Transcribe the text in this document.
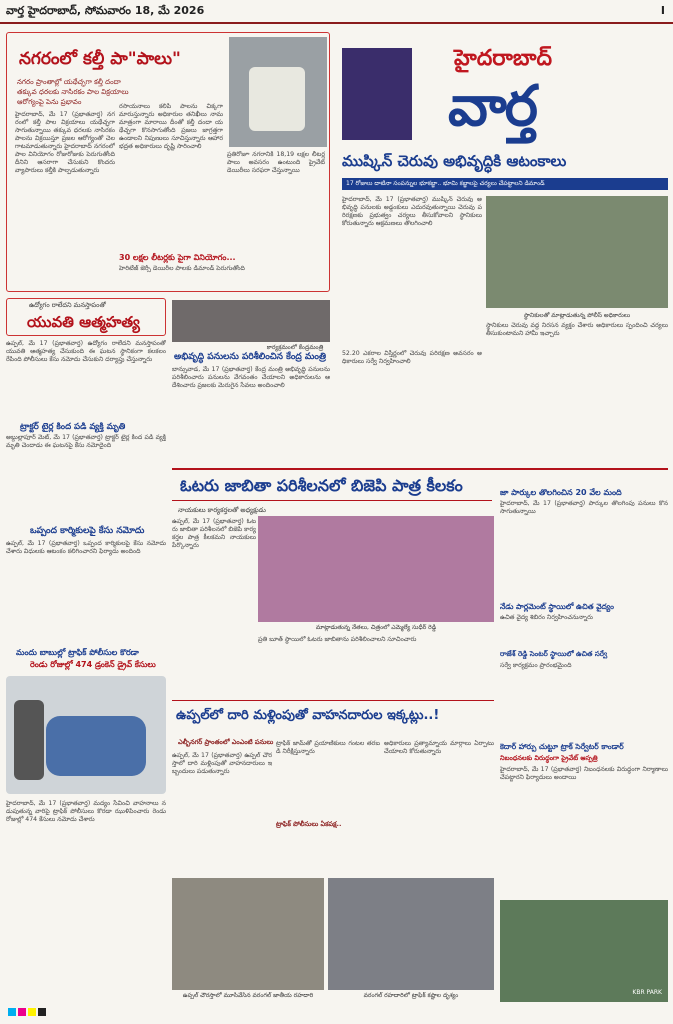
వార్త హైదరాబాద్, సోమవారం 18, మే 2026	I
నగరంలో కల్తీ పా"పాలు"
నగరం ప్రాంతాల్లో యథేచ్ఛగా కల్తీ దందా
తక్కువ ధరలకు నాసిరకం పాల విక్రయాలు
ఆరోగ్యంపై పెను ప్రభావం
హైదరాబాద్, మే 17 (ప్రభాతవార్త) నగరంలో కల్తీ పాల విక్రయాలు యథేచ్ఛగా సాగుతున్నాయి తక్కువ ధరలకు నాసిరకం పాలను విక్రయిస్తూ ప్రజల ఆరోగ్యంతో చెలగాటమాడుతున్నారు హైదరాబాద్ నగరంలో పాల వినియోగం రోజురోజుకు పెరుగుతోంది దీనిని ఆసరాగా చేసుకుని కొందరు వ్యాపారులు కల్తీకి పాల్పడుతున్నారు
రసాయనాలు కలిపి పాలను చిక్కగా మారుస్తున్నారు అధికారుల తనిఖీలు నామమాత్రంగా మారాయి దీంతో కల్తీ దందా యథేచ్ఛగా కొనసాగుతోంది ప్రజలు జాగ్రత్తగా ఉండాలని నిపుణులు సూచిస్తున్నారు ఆహార భద్రత అధికారులు దృష్టి సారించాలి
ప్రతిరోజూ నగరానికి 18,19 లక్షల లీటర్ల పాలు అవసరం ఉంటుంది ప్రైవేట్ డెయిరీలు సరఫరా చేస్తున్నాయి
30 లక్షల లీటర్లకు పైగా వినియోగం...
హెరిటేజ్ జెర్సీ డెయిరీల పాలకు డిమాండ్ పెరుగుతోంది
హైదరాబాద్
వార్త
ముష్కిన్ చెరువు అభివృద్ధికి ఆటంకాలు
17 రోజులు దాటినా సంపన్నుల భూకబ్జా.. భూమి కబ్జాలపై చర్యలు చేపట్టాలని డిమాండ్
హైదరాబాద్, మే 17 (ప్రభాతవార్త) ముష్కిన్ చెరువు అభివృద్ధి పనులకు అడ్డంకులు ఎదురవుతున్నాయి చెరువు పరిరక్షణకు ప్రభుత్వం చర్యలు తీసుకోవాలని స్థానికులు కోరుతున్నారు ఆక్రమణలు తొలగించాలి
స్థానికులతో మాట్లాడుతున్న పోలీస్ అధికారులు
స్థానికులు చెరువు వద్ద నిరసన వ్యక్తం చేశారు అధికారులు స్పందించి చర్యలు తీసుకుంటామని హామీ ఇచ్చారు
52.20 ఎకరాల విస్తీర్ణంలో చెరువు పరిరక్షణ అవసరం అధికారులు సర్వే నిర్వహించాలి
ఉద్యోగం రాలేదని మనస్తాపంతో
యువతి ఆత్మహత్య
ఉప్పల్, మే 17 (ప్రభాతవార్త) ఉద్యోగం రాలేదని మనస్తాపంతో యువతి ఆత్మహత్య చేసుకుంది ఈ ఘటన స్థానికంగా కలకలం రేపింది పోలీసులు కేసు నమోదు చేసుకుని దర్యాప్తు చేస్తున్నారు
కార్యక్రమంలో కేంద్రమంత్రి
అభివృద్ధి పనులను పరిశీలించిన కేంద్ర మంత్రి
బాన్సువాడ, మే 17 (ప్రభాతవార్త) కేంద్ర మంత్రి అభివృద్ధి పనులను పరిశీలించారు పనులను వేగవంతం చేయాలని అధికారులను ఆదేశించారు ప్రజలకు మెరుగైన సేవలు అందించాలి
ట్రాక్టర్ టైర్ల కింద పడి వ్యక్తి మృతి
అబ్దుల్లాపూర్ మెట్, మే 17 (ప్రభాతవార్త) ట్రాక్టర్ టైర్ల కింద పడి వ్యక్తి మృతి చెందాడు ఈ ఘటనపై కేసు నమోదైంది
ఒప్పంద కార్మికులపై కేసు నమోదు
ఉప్పల్, మే 17 (ప్రభాతవార్త) ఒప్పంద కార్మికులపై కేసు నమోదు చేశారు విధులకు ఆటంకం కలిగించారని ఫిర్యాదు అందింది
మందు బాబుల్లో ట్రాఫిక్ పోలీసుల కొరడా
రెండు రోజుల్లో 474 డ్రంకెన్ డ్రైవ్ కేసులు
హైదరాబాద్, మే 17 (ప్రభాతవార్త) మద్యం సేవించి వాహనాలు నడుపుతున్న వారిపై ట్రాఫిక్ పోలీసులు కొరడా ఝుళిపించారు రెండు రోజుల్లో 474 కేసులు నమోదు చేశారు
ఓటరు జాబితా పరిశీలనలో బిజెపి పాత్ర కీలకం
నాయకులు కార్యకర్తలతో అధ్యక్షుడు
ఉప్పల్, మే 17 (ప్రభాతవార్త) ఓటరు జాబితా పరిశీలనలో బిజెపి కార్యకర్తల పాత్ర కీలకమని నాయకులు పేర్కొన్నారు
మాట్లాడుతున్న నేతలు, చిత్రంలో ఎమ్మెల్యే సుధీర్ రెడ్డి
ప్రతి బూత్ స్థాయిలో ఓటరు జాబితాను పరిశీలించాలని సూచించారు
జా పార్కుల తొలగించిన 20 వేల మంది
హైదరాబాద్, మే 17 (ప్రభాతవార్త) పార్కుల తొలగింపు పనులు కొనసాగుతున్నాయి
నేడు పార్లమెంట్ స్థాయిలో ఉచిత వైద్యం
ఉచిత వైద్య శిబిరం నిర్వహించనున్నారు
రాజేశ్ రెడ్డి సెంటర్ స్థాయిలో ఉచిత సర్వే
సర్వే కార్యక్రమం ప్రారంభమైంది
కెదార్ హార్పు చుట్టూ ట్రాక్ సెర్వేటర్ కాండార్
నిబంధనలకు విరుద్ధంగా ప్రైవేట్ ఆస్పత్రి
హైదరాబాద్, మే 17 (ప్రభాతవార్త) నిబంధనలకు విరుద్ధంగా నిర్మాణాలు చేపట్టారని ఫిర్యాదులు అందాయి
KBR PARK
ఉప్పల్‌లో దారి మళ్లింపుతో వాహనదారుల ఇక్కట్లు..!
ఎల్బీనగర్ ప్రాంతంలో ఎంఎంటి పనులు
ఉప్పల్, మే 17 (ప్రభాతవార్త) ఉప్పల్ చౌరస్తాలో దారి మళ్లింపుతో వాహనదారులు ఇబ్బందులు పడుతున్నారు
ట్రాఫిక్ పోలీసులు ఏకపక్ష..
ట్రాఫిక్ జామ్‌తో ప్రయాణికులు గంటల తరబడి నిరీక్షిస్తున్నారు
అధికారులు ప్రత్యామ్నాయ మార్గాలు ఏర్పాటు చేయాలని కోరుతున్నారు
ఉప్పల్ చౌరస్తాలో మూసివేసిన వరంగల్ జాతీయ రహదారి	వరంగల్ రహదారిలో ట్రాఫిక్ కష్టాల దృశ్యం
